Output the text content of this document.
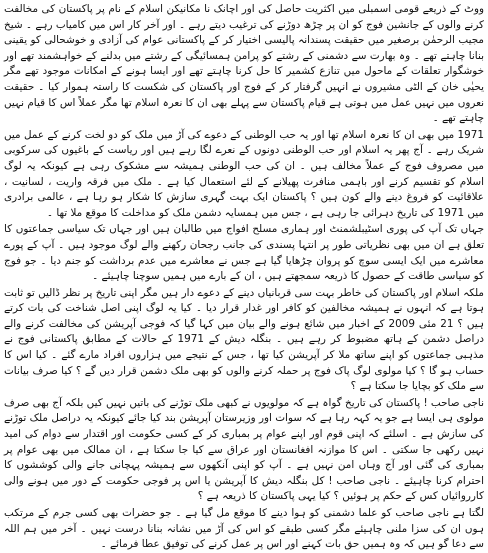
ووٹ کے ذریعے قومی اسمبلی میں اکثریت حاصل کی اور اچانک نا مکانیکن اسلام کے نام پر پاکستان کی مخالفت کرنے والوں کے جانشین فوج کو ان پر چڑھ دوڑنے کی ترغیب دیتے رہے ۔ اور آخر کار اس میں کامیاب رہے ۔ شیخ مجیب الرحمٰن برصغیر میں حقیقت پسندانہ پالیسی اختیار کر کے پاکستانی عوام کی آزادی و خوشحالی کو یقینی بنانا چاہتے تھے ۔ وہ بھارت سے دشمنی کے رشتے کو پرامن ہمسائیگی کے رشتے میں بدلنے کے خواہشمند تھے اور خوشگوار تعلقات کے ماحول میں تنازع کشمیر کا حل کرنا چاہتے تھے اور ایسا ہونے کے امکانات موجود تھے مگر یحیٰی خان کے الٹی مشیروں نے انہیں گرفتار کر کے فوج اور پاکستان کی شکست کا راستہ ہموار کیا ۔ حقیقت نعروں میں نہیں عمل میں ہوتی ہے قیام پاکستان سے پہلے بھی ان کا نعرہ اسلام تھا مگر عملاً اس کا قیام نہیں چاہتے تھے ۔

1971 میں بھی ان کا نعرہ اسلام تھا اور یہ حب الوطنی کے دعوے کی آڑ میں ملک کو دو لخت کرنے کے عمل میں شریک رہے ۔ آج پھر یہ اسلام اور حب الوطنی دونوں کے نعرے لگا رہے ہیں اور ریاست کے باغیوں کی سرکوبی میں مصروف فوج کے عملاً مخالف ہیں ۔ ان کی حب الوطنی ہمیشہ سے مشکوک رہی ہے کیونکہ یہ لوگ اسلام کو تقسیم کرنے اور باہمی منافرت پھیلانے کے لئے استعمال کیا ہے ۔ ملک میں فرقہ واریت ، لسانیت ، علاقائیت کو فروغ دینے والے کون ہیں ؟ پاکستان ایک بہت گہری سازش کا شکار ہو رہا ہے ، عالمی برادری میں 1971 کی تاریخ دہرائی جا رہی ہے ، جس میں ہمسایہ دشمن ملک کو مداخلت کا موقع ملا تھا ۔

جہاں تک آپ کی پوری اسٹیبلشمنٹ اور ہماری مسلح افواج میں طالبان ہیں اور جہاں تک سیاسی جماعتوں کا تعلق ہے ان میں بھی نظریاتی طور پر انتہا پسندی کی جانب رجحان رکھنے والے لوگ موجود ہیں ۔ آپ کے پورے معاشرے میں ایک ایسی سوچ کو پروان چڑھایا گیا ہے جس نے معاشرے میں عدم برداشت کو جنم دیا ۔ جو فوج کو سیاسی طاقت کے حصول کا ذریعہ سمجھتے ہیں ، ان کے بارے میں ہمیں سوچنا چاہیئے ۔

ملکہ اسلام اور پاکستان کی خاطر بہت سی قربانیاں دینے کے دعوے دار ہیں مگر اپنی تاریخ پر نظر ڈالیں تو ثابت ہوتا ہے کہ انہوں نے ہمیشہ مخالفین کو کافر اور غدار قرار دیا ۔ کیا یہ لوگ اپنی اصل شناخت کی بات کرتے ہیں ؟ 21 مئی 2009 کے اخبار میں شائع ہونے والے بیان میں کہا گیا کہ فوجی آپریشن کی مخالفت کرنے والے دراصل دشمن کے ہاتھ مضبوط کر رہے ہیں ۔ بنگلہ دیش کے 1971 کے حالات کے مطابق پاکستانی فوج نے مذہبی جماعتوں کو اپنے ساتھ ملا کر آپریشن کیا تھا ، جس کے نتیجے میں ہزاروں افراد مارے گئے ۔ کیا اس کا حساب ہو گا ؟ کیا مولوی لوگ پاک فوج پر حملہ کرنے والوں کو بھی ملک دشمن قرار دیں گے ؟ کیا صرف بیانات سے ملک کو بچایا جا سکتا ہے ؟

ناجی صاحب ! پاکستان کی تاریخ گواہ ہے کہ مولویوں نے کبھی ملک توڑنے کی باتیں نہیں کیں بلکہ آج بھی صرف مولوی ہی ایسا ہے جو یہ کہہ رہا ہے کہ سوات اور وزیرستان آپریشن بند کیا جائے کیونکہ یہ دراصل ملک توڑنے کی سازش ہے ۔ اسلئے کہ اپنی قوم اور اپنے عوام پر بمباری کر کے کسی حکومت اور اقتدار سے دوام کی امید نہیں رکھی جا سکتی ۔ اس کا موازنہ افغانستان اور عراق سے کیا جا سکتا ہے ، ان ممالک میں بھی عوام پر بمباری کی گئی اور آج وہاں امن نہیں ہے ۔ آپ کو اپنی آنکھوں سے ہمیشہ پہچانی جانے والی کوششوں کا احترام کرنا چاہیئے ۔ ناجی صاحب ! کل بنگلہ دیش کا آپریشن یا اس پر فوجی حکومت کے دور میں ہونے والی کارروائیاں کس کے حکم پر ہوئیں ؟ کیا یہی پاکستان کا ذریعہ ہے ؟

لگتا ہے ناجی صاحب کو علما دشمنی کو ہوا دینے کا موقع مل گیا ہے ۔ جو حضرات بھی کسی جرم کے مرتکب ہوں ان کی سزا ملنی چاہیئے مگر کسی طبقے کو اس کی آڑ میں نشانہ بنانا درست نہیں ۔ آخر میں ہم اللہ سے دعا گو ہیں کہ وہ ہمیں حق بات کہنے اور اس پر عمل کرنے کی توفیق عطا فرمائے ۔
